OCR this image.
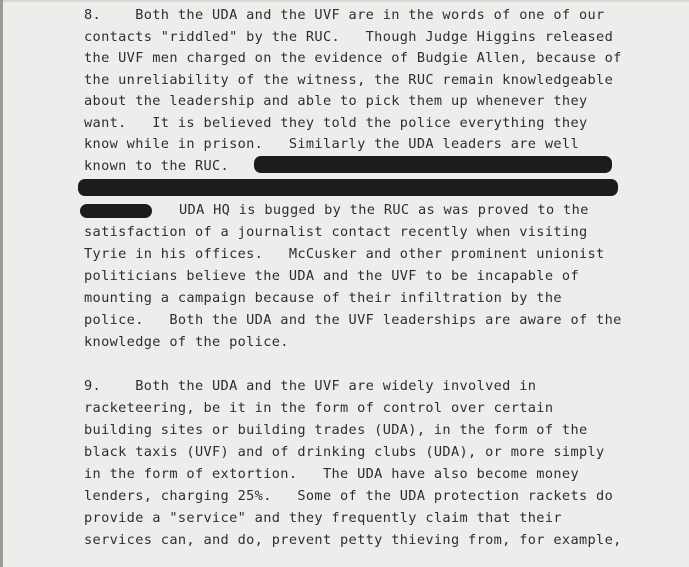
8.    Both the UDA and the UVF are in the words of one of our
contacts "riddled" by the RUC.   Though Judge Higgins released
the UVF men charged on the evidence of Budgie Allen, because of
the unreliability of the witness, the RUC remain knowledgeable
about the leadership and able to pick them up whenever they
want.   It is believed they told the police everything they
know while in prison.   Similarly the UDA leaders are well
known to the RUC.
UDA HQ is bugged by the RUC as was proved to the
satisfaction of a journalist contact recently when visiting
Tyrie in his offices.   McCusker and other prominent unionist
politicians believe the UDA and the UVF to be incapable of
mounting a campaign because of their infiltration by the
police.   Both the UDA and the UVF leaderships are aware of the
knowledge of the police.
9.    Both the UDA and the UVF are widely involved in
racketeering, be it in the form of control over certain
building sites or building trades (UDA), in the form of the
black taxis (UVF) and of drinking clubs (UDA), or more simply
in the form of extortion.   The UDA have also become money
lenders, charging 25%.   Some of the UDA protection rackets do
provide a "service" and they frequently claim that their
services can, and do, prevent petty thieving from, for example,
